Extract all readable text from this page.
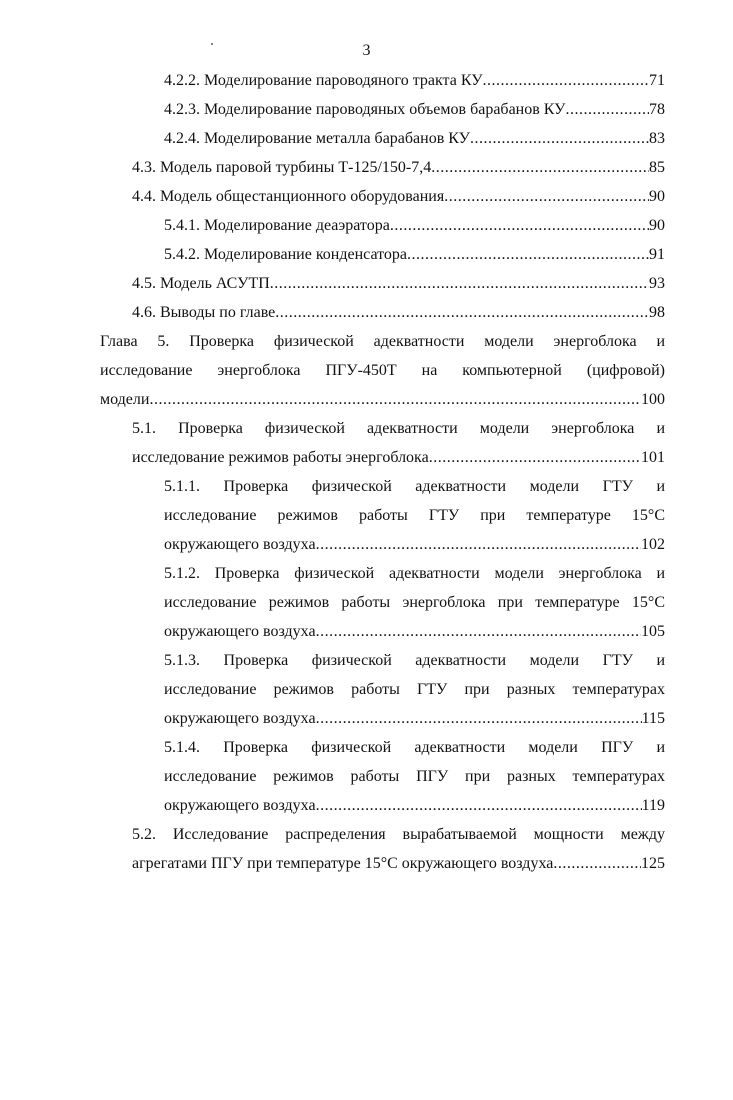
3
4.2.2. Моделирование пароводяного тракта КУ .....	71
4.2.3. Моделирование пароводяных объемов барабанов КУ .....	78
4.2.4. Моделирование металла барабанов КУ .....	83
4.3. Модель паровой турбины Т-125/150-7,4 .....	85
4.4. Модель общестанционного оборудования .....	90
5.4.1. Моделирование деаэратора .....	90
5.4.2. Моделирование конденсатора .....	91
4.5. Модель АСУТП .....	93
4.6. Выводы по главе .....	98
Глава 5. Проверка физической адекватности модели энергоблока и
исследование энергоблока ПГУ-450Т на компьютерной (цифровой)
модели .....	100
5.1. Проверка физической адекватности модели энергоблока и
исследование режимов работы энергоблока .....	101
5.1.1. Проверка физической адекватности модели ГТУ и
исследование режимов работы ГТУ при температуре 15°С
окружающего воздуха .....	102
5.1.2. Проверка физической адекватности модели энергоблока и
исследование режимов работы энергоблока при температуре 15°С
окружающего воздуха .....	105
5.1.3. Проверка физической адекватности модели ГТУ и
исследование режимов работы ГТУ при разных температурах
окружающего воздуха .....	115
5.1.4. Проверка физической адекватности модели ПГУ и
исследование режимов работы ПГУ при разных температурах
окружающего воздуха .....	119
5.2. Исследование распределения вырабатываемой мощности между
агрегатами ПГУ при температуре 15°С окружающего воздуха .....	125
